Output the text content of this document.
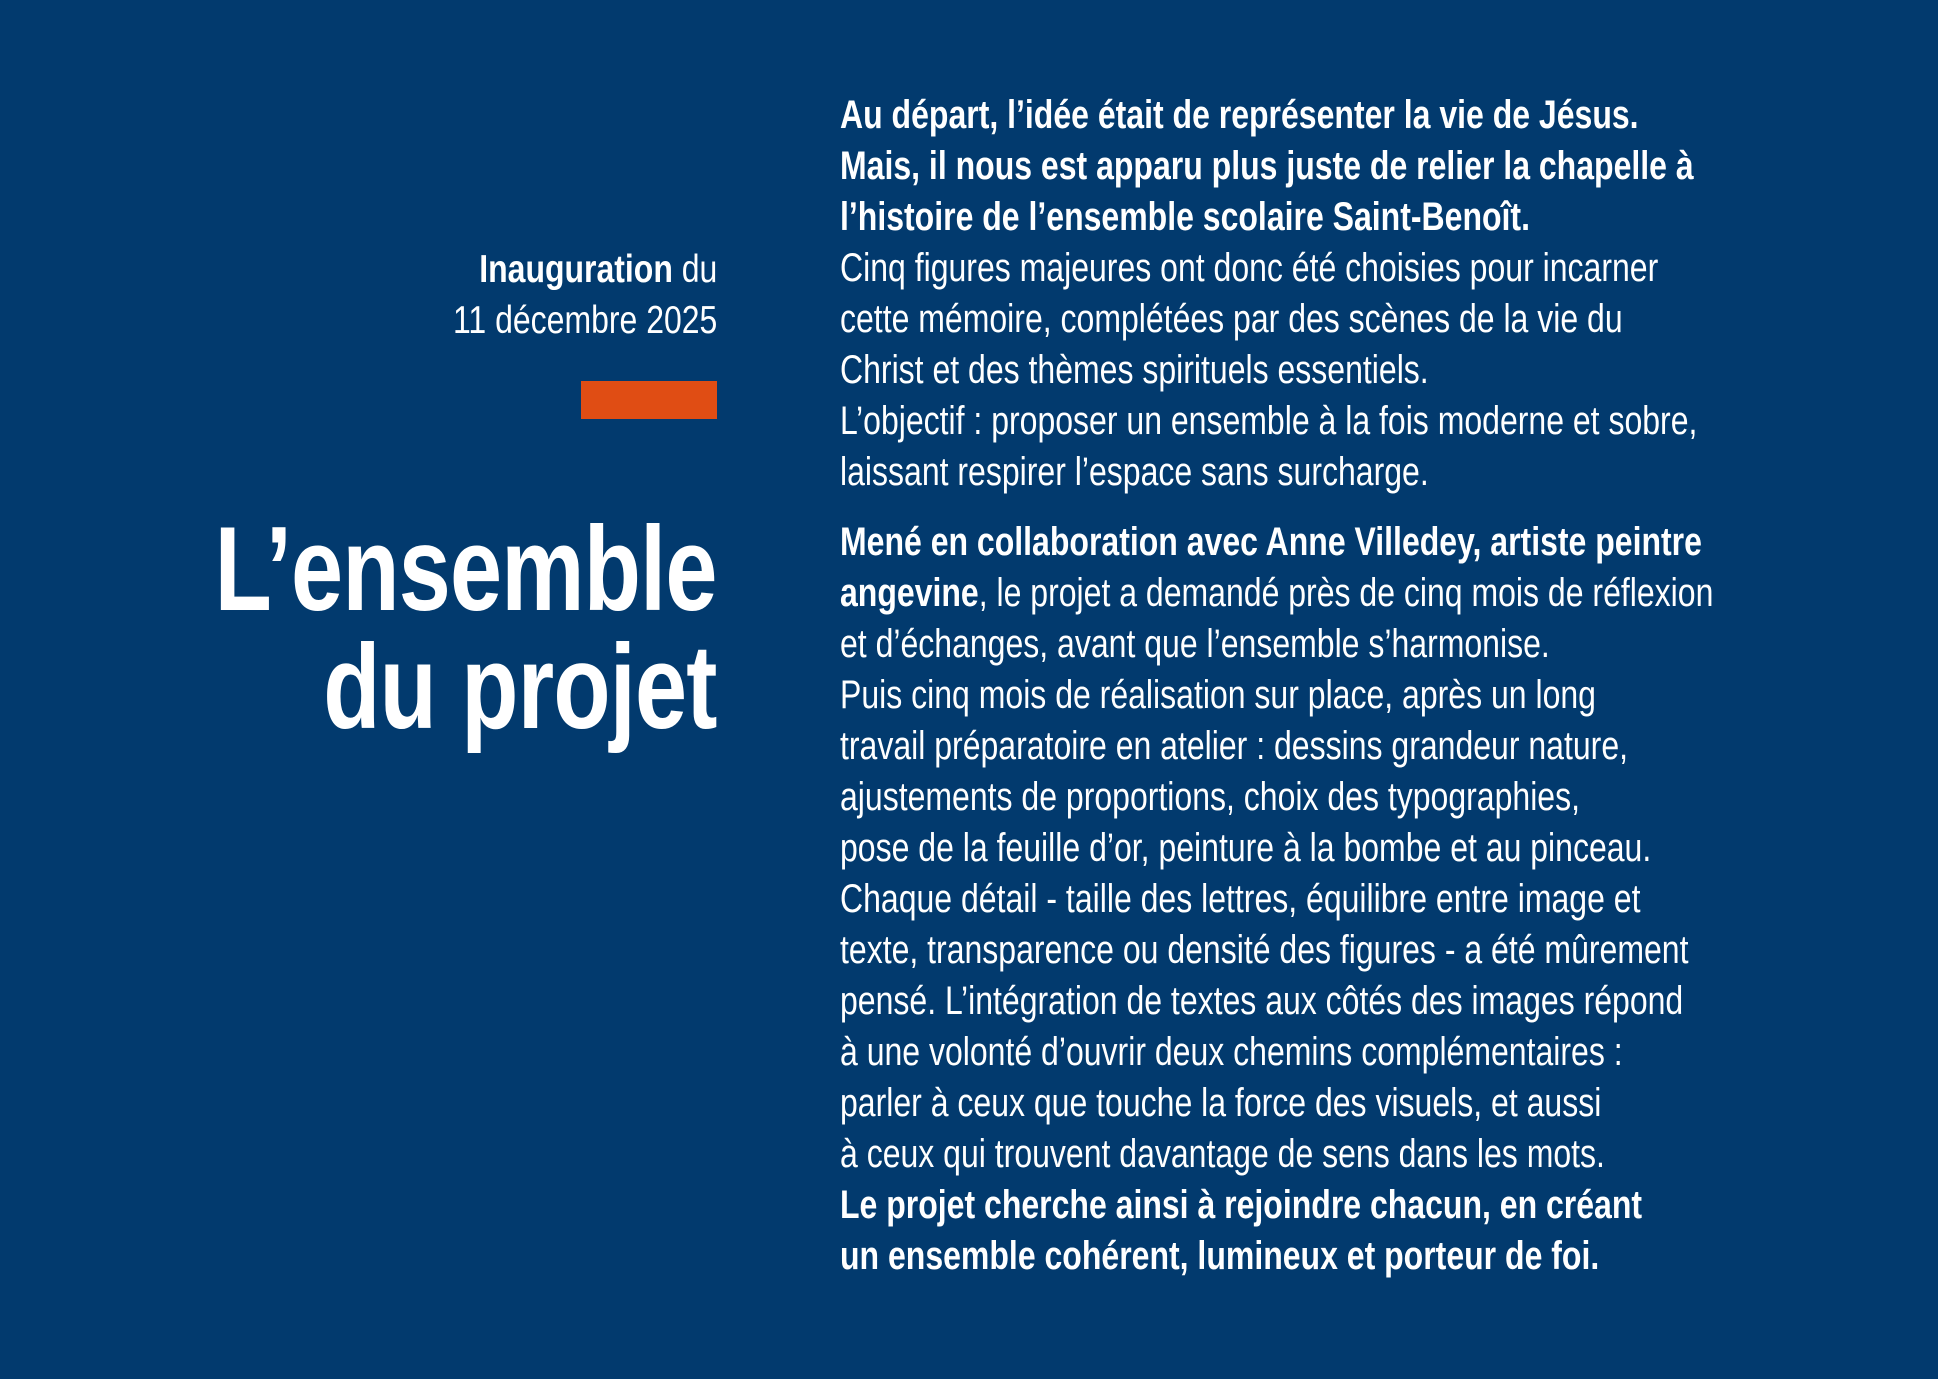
Inauguration du
11 décembre 2025
L’ensemble
du projet
Au départ, l’idée était de représenter la vie de Jésus.
Mais, il nous est apparu plus juste de relier la chapelle à
l’histoire de l’ensemble scolaire Saint-Benoît.
Cinq figures majeures ont donc été choisies pour incarner
cette mémoire, complétées par des scènes de la vie du
Christ et des thèmes spirituels essentiels.
L’objectif : proposer un ensemble à la fois moderne et sobre,
laissant respirer l’espace sans surcharge.
Mené en collaboration avec Anne Villedey, artiste peintre
angevine, le projet a demandé près de cinq mois de réflexion
et d’échanges, avant que l’ensemble s’harmonise.
Puis cinq mois de réalisation sur place, après un long
travail préparatoire en atelier : dessins grandeur nature,
ajustements de proportions, choix des typographies,
pose de la feuille d’or, peinture à la bombe et au pinceau.
Chaque détail - taille des lettres, équilibre entre image et
texte, transparence ou densité des figures - a été mûrement
pensé. L’intégration de textes aux côtés des images répond
à une volonté d’ouvrir deux chemins complémentaires :
parler à ceux que touche la force des visuels, et aussi
à ceux qui trouvent davantage de sens dans les mots.
Le projet cherche ainsi à rejoindre chacun, en créant
un ensemble cohérent, lumineux et porteur de foi.
